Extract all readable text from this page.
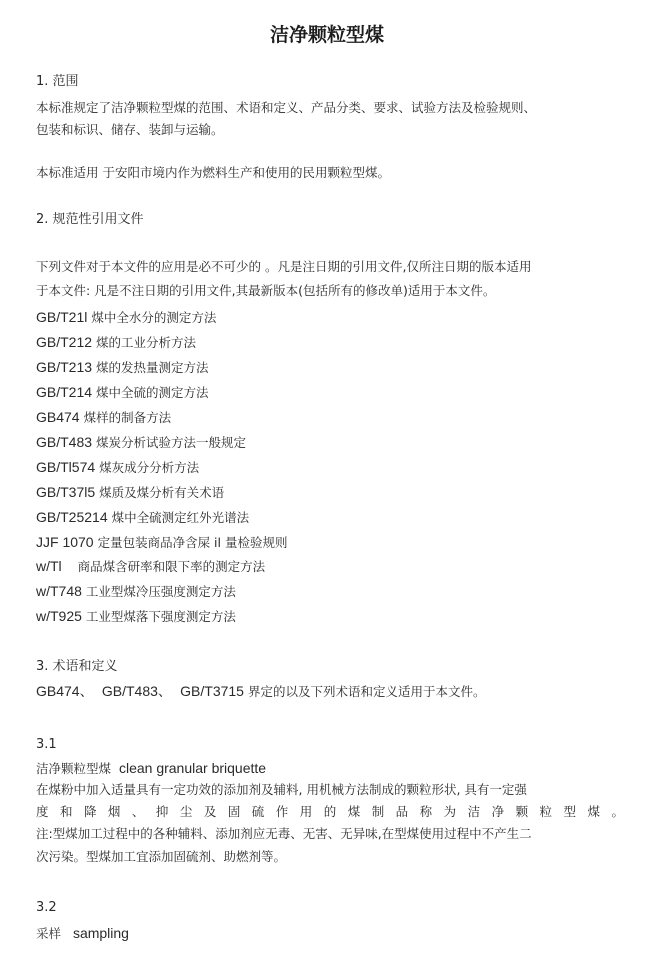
洁净颗粒型煤
1. 范围
本标准规定了洁净颗粒型煤的范围、术语和定义、产品分类、要求、试验方法及检验规则、
包装和标识、储存、装卸与运输。
本标准适用 于安阳市境内作为燃料生产和使用的民用颗粒型煤。
2. 规范性引用文件
下列文件对于本文件的应用是必不可少的 。凡是注日期的引用文件,仅所注日期的版本适用
于本文件: 凡是不注日期的引用文件,其最新版本(包括所有的修改单)适用于本文件。
GB/T21l 煤中全水分的测定方法
GB/T212 煤的工业分析方法
GB/T213 煤的发热量测定方法
GB/T214 煤中全硫的测定方法
GB474 煤样的制备方法
GB/T483 煤炭分析试验方法一般规定
GB/Tl574 煤灰成分分析方法
GB/T37l5 煤质及煤分析有关术语
GB/T25214 煤中全硫测定红外光谱法
JJF 1070 定量包装商品净含屎 il 量检验规则
w/Tl    商品煤含研率和限下率的测定方法
w/T748 工业型煤冷压强度测定方法
w/T925 工业型煤落下强度测定方法
3. 术语和定义
GB474、 GB/T483、 GB/T3715 界定的以及下列术语和定义适用于本文件。
3.1
洁净颗粒型煤 clean granular briquette
在煤粉中加入适量具有一定功效的添加剂及辅料, 用机械方法制成的颗粒形状, 具有一定强
度和降烟、抑尘及固硫作用的煤制品称为洁净颗粒型煤。
注:型煤加工过程中的各种辅料、添加剂应无毒、无害、无异味,在型煤使用过程中不产生二
次污染。型煤加工宜添加固硫剂、助燃剂等。
3.2
采样 sampling
